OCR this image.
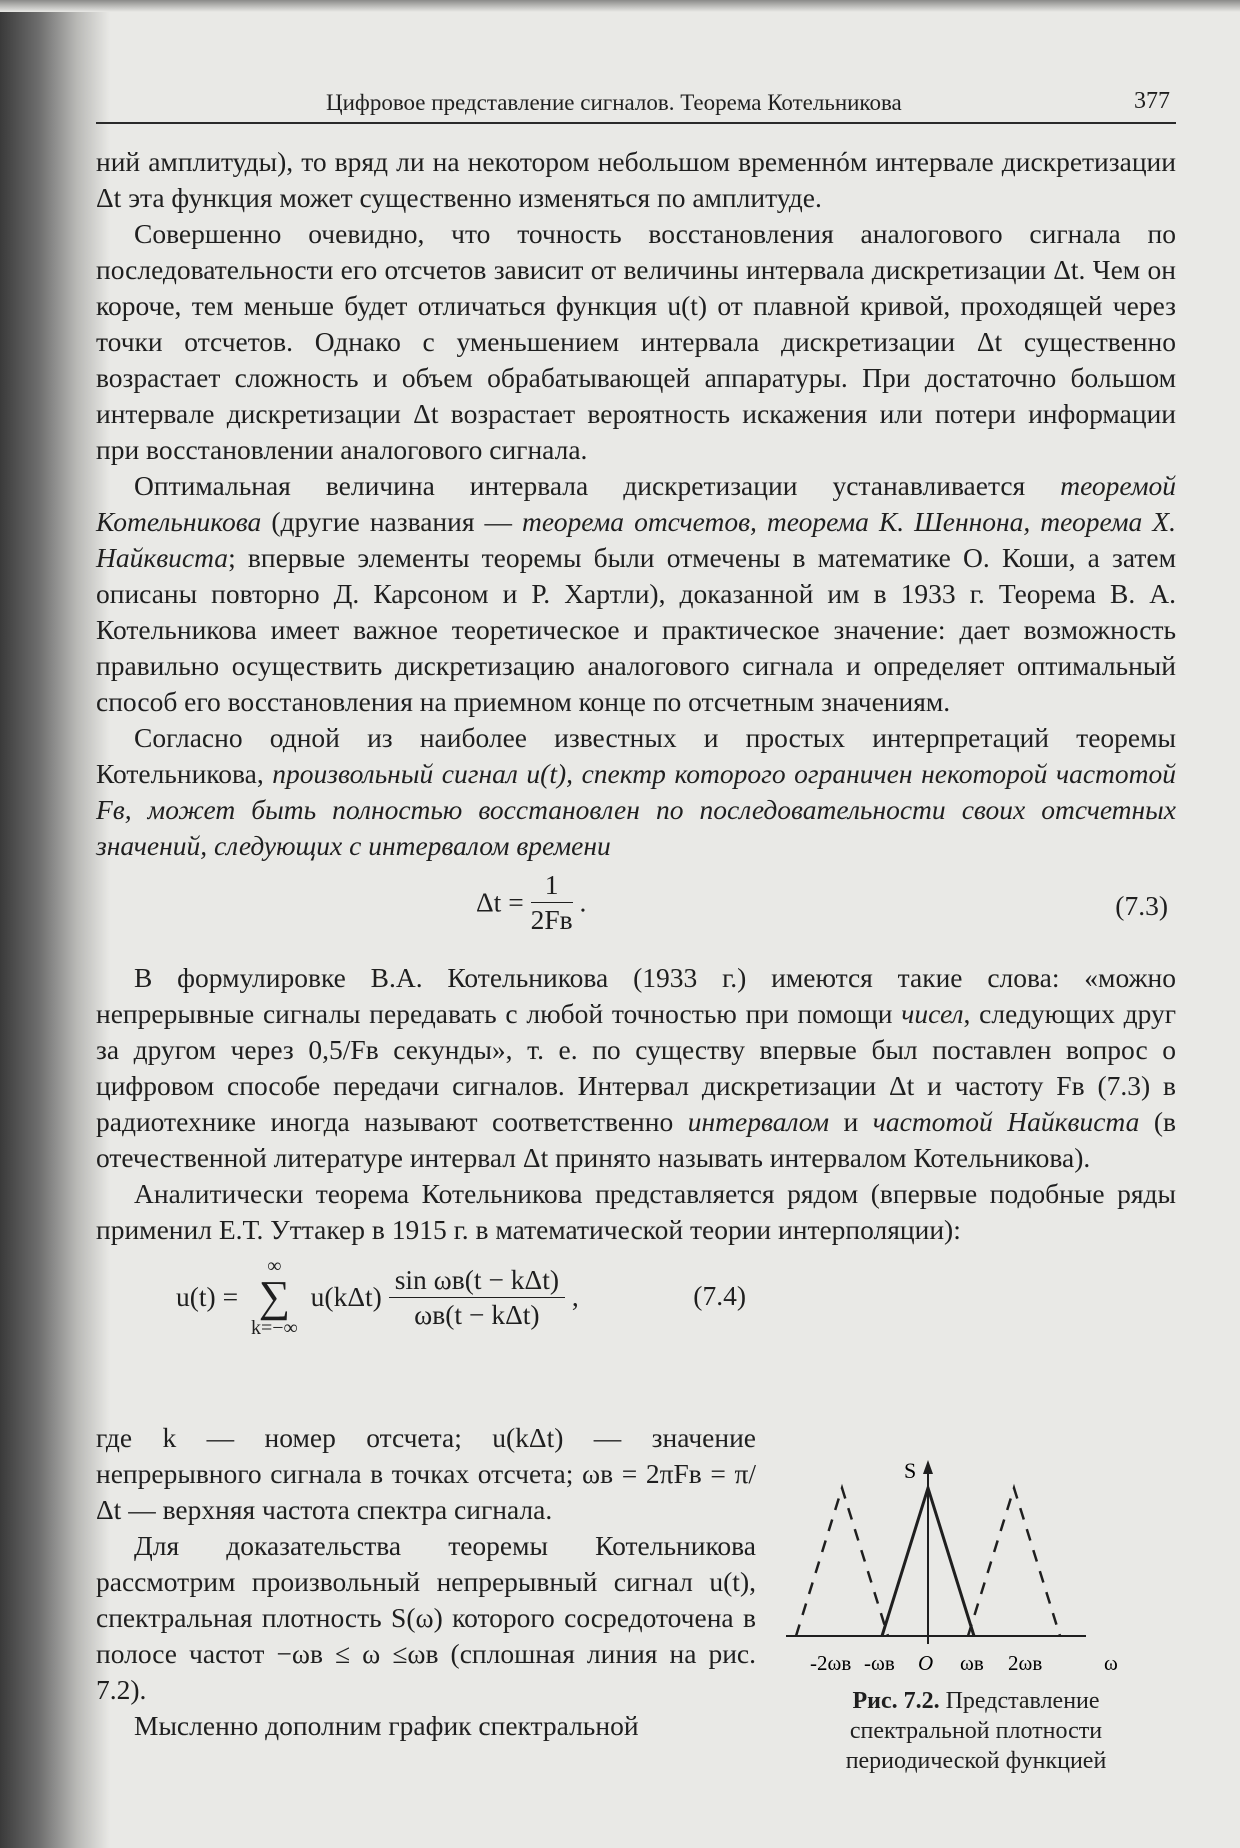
Цифровое представление сигналов. Теорема Котельникова	377

ний амплитуды), то вряд ли на некотором небольшом временнóм интервале дискретизации Δt эта функция может существенно изменяться по амплитуде.

Совершенно очевидно, что точность восстановления аналогового сигнала по последовательности его отсчетов зависит от величины интервала дискретизации Δt. Чем он короче, тем меньше будет отличаться функция u(t) от плавной кривой, проходящей через точки отсчетов. Однако с уменьшением интервала дискретизации Δt существенно возрастает сложность и объем обрабатывающей аппаратуры. При достаточно большом интервале дискретизации Δt возрастает вероятность искажения или потери информации при восстановлении аналогового сигнала.

Оптимальная величина интервала дискретизации устанавливается теоремой Котельникова (другие названия — теорема отсчетов, теорема К. Шеннона, теорема Х. Найквиста; впервые элементы теоремы были отмечены в математике О. Коши, а затем описаны повторно Д. Карсоном и Р. Хартли), доказанной им в 1933 г. Теорема В. А. Котельникова имеет важное теоретическое и практическое значение: дает возможность правильно осуществить дискретизацию аналогового сигнала и определяет оптимальный способ его восстановления на приемном конце по отсчетным значениям.

Согласно одной из наиболее известных и простых интерпретаций теоремы Котельникова, произвольный сигнал u(t), спектр которого ограничен некоторой частотой Fв, может быть полностью восстановлен по последовательности своих отсчетных значений, следующих с интервалом времени

$\Delta t = \frac{1}{2Fв}$ .	(7.3)

В формулировке В.А. Котельникова (1933 г.) имеются такие слова: «можно непрерывные сигналы передавать с любой точностью при помощи чисел, следующих друг за другом через 0,5/Fв секунды», т. е. по существу впервые был поставлен вопрос о цифровом способе передачи сигналов. Интервал дискретизации Δt и частоту Fв (7.3) в радиотехнике иногда называют соответственно интервалом и частотой Найквиста (в отечественной литературе интервал Δt принято называть интервалом Котельникова).

Аналитически теорема Котельникова представляется рядом (впервые подобные ряды применил Е.Т. Уттакер в 1915 г. в математической теории интерполяции):

u(t) =
∞
∑
k=−∞
$u(k\Delta t) \frac{\text{sin ωв(t − kΔt)}}{\text{ωв(t − kΔt)}}$ ,	(7.4)

где k — номер отсчета; u(kΔt) — значение непрерывного сигнала в точках отсчета; ωв = 2πFв = π/Δt — верхняя частота спектра сигнала.

Для доказательства теоремы Котельникова рассмотрим произвольный непрерывный сигнал u(t), спектральная плотность S(ω) которого сосредоточена в полосе частот −ωв ≤ ω ≤ωв (сплошная линия на рис. 7.2).

Мысленно дополним график спектральной

S
-2ωв -ωв O ωв 2ωв	ω
Рис. 7.2. Представление спектральной плотности периодической функцией
